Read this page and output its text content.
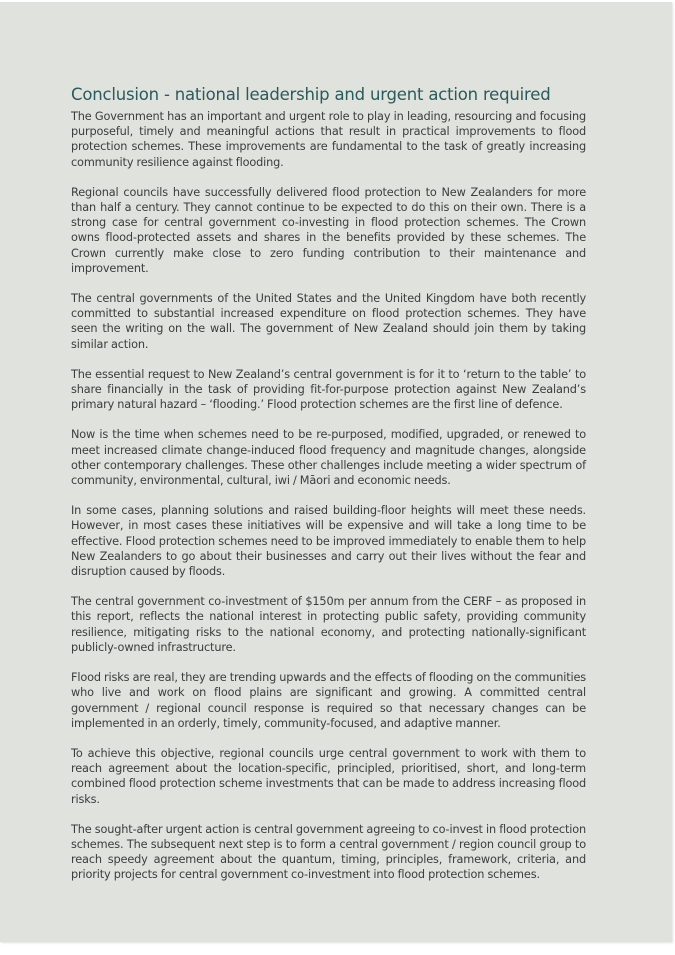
Conclusion - national leadership and urgent action required

The Government has an important and urgent role to play in leading, resourcing and focusing purposeful, timely and meaningful actions that result in practical improvements to flood protection schemes. These improvements are fundamental to the task of greatly increasing community resilience against flooding.

Regional councils have successfully delivered flood protection to New Zealanders for more than half a century. They cannot continue to be expected to do this on their own. There is a strong case for central government co-investing in flood protection schemes. The Crown owns flood-protected assets and shares in the benefits provided by these schemes. The Crown currently make close to zero funding contribution to their maintenance and improvement.

The central governments of the United States and the United Kingdom have both recently committed to substantial increased expenditure on flood protection schemes. They have seen the writing on the wall. The government of New Zealand should join them by taking similar action.

The essential request to New Zealand’s central government is for it to ‘return to the table’ to share financially in the task of providing fit-for-purpose protection against New Zealand’s primary natural hazard – ‘flooding.’ Flood protection schemes are the first line of defence.

Now is the time when schemes need to be re-purposed, modified, upgraded, or renewed to meet increased climate change-induced flood frequency and magnitude changes, alongside other contemporary challenges. These other challenges include meeting a wider spectrum of community, environmental, cultural, iwi / Māori and economic needs.

In some cases, planning solutions and raised building-floor heights will meet these needs. However, in most cases these initiatives will be expensive and will take a long time to be effective. Flood protection schemes need to be improved immediately to enable them to help New Zealanders to go about their businesses and carry out their lives without the fear and disruption caused by floods.

The central government co-investment of $150m per annum from the CERF – as proposed in this report, reflects the national interest in protecting public safety, providing community resilience, mitigating risks to the national economy, and protecting nationally-significant publicly-owned infrastructure.

Flood risks are real, they are trending upwards and the effects of flooding on the communities who live and work on flood plains are significant and growing. A committed central government / regional council response is required so that necessary changes can be implemented in an orderly, timely, community-focused, and adaptive manner.

To achieve this objective, regional councils urge central government to work with them to reach agreement about the location-specific, principled, prioritised, short, and long-term combined flood protection scheme investments that can be made to address increasing flood risks.

The sought-after urgent action is central government agreeing to co-invest in flood protection schemes. The subsequent next step is to form a central government / region council group to reach speedy agreement about the quantum, timing, principles, framework, criteria, and priority projects for central government co-investment into flood protection schemes.
